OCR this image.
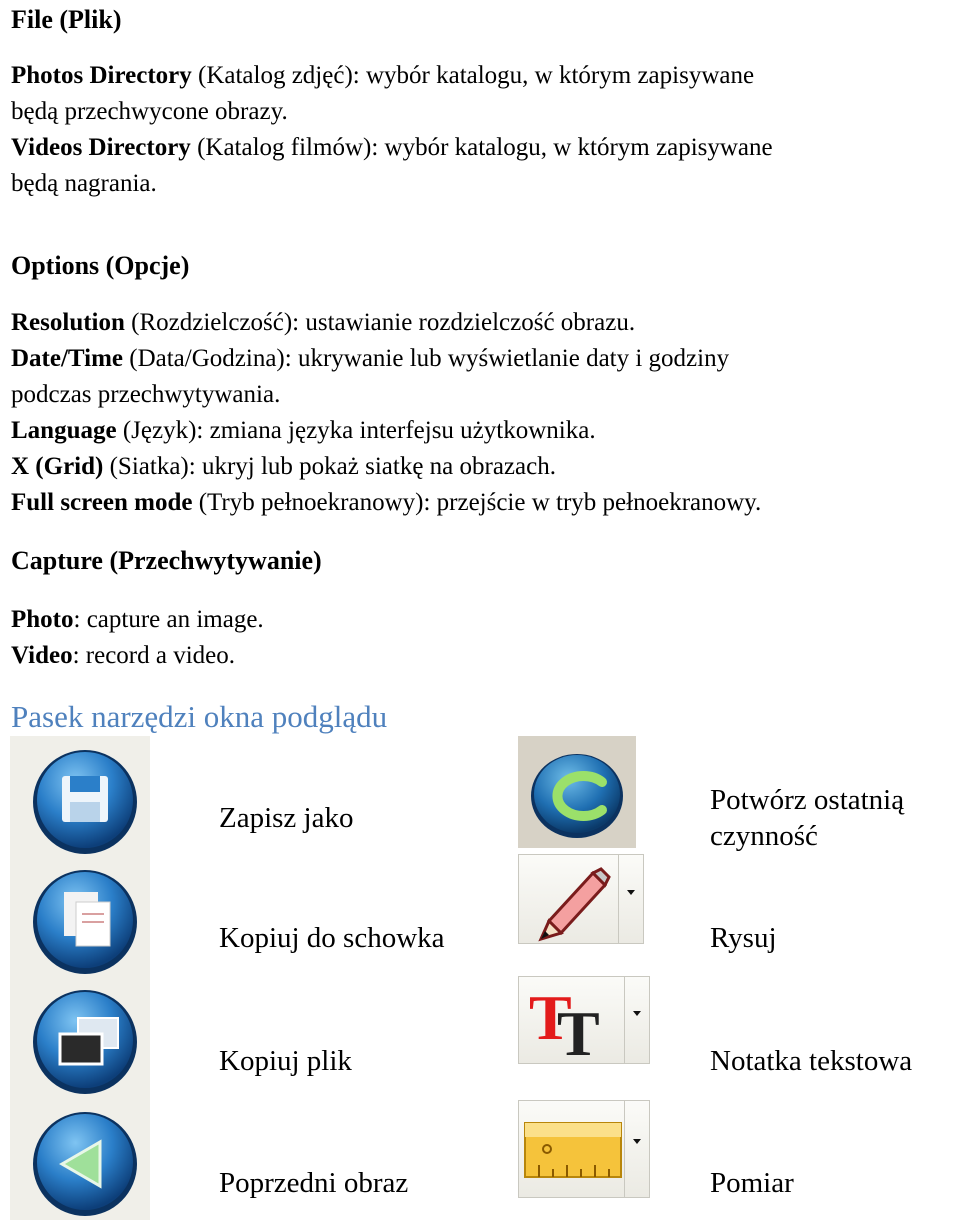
File (Plik)
Photos Directory (Katalog zdjęć): wybór katalogu, w którym zapisywane
będą przechwycone obrazy.
Videos Directory (Katalog filmów): wybór katalogu, w którym zapisywane
będą nagrania.
Options (Opcje)
Resolution (Rozdzielczość): ustawianie rozdzielczość obrazu.
Date/Time (Data/Godzina): ukrywanie lub wyświetlanie daty i godziny
podczas przechwytywania.
Language (Język): zmiana języka interfejsu użytkownika.
X (Grid) (Siatka): ukryj lub pokaż siatkę na obrazach.
Full screen mode (Tryb pełnoekranowy): przejście w tryb pełnoekranowy.
Capture (Przechwytywanie)
Photo: capture an image.
Video: record a video.
Pasek narzędzi okna podglądu
Zapisz jako
Kopiuj do schowka
Kopiuj plik
Poprzedni obraz
Potwórz ostatnią
czynność
Rysuj
T
T	Notatka tekstowa
Pomiar
